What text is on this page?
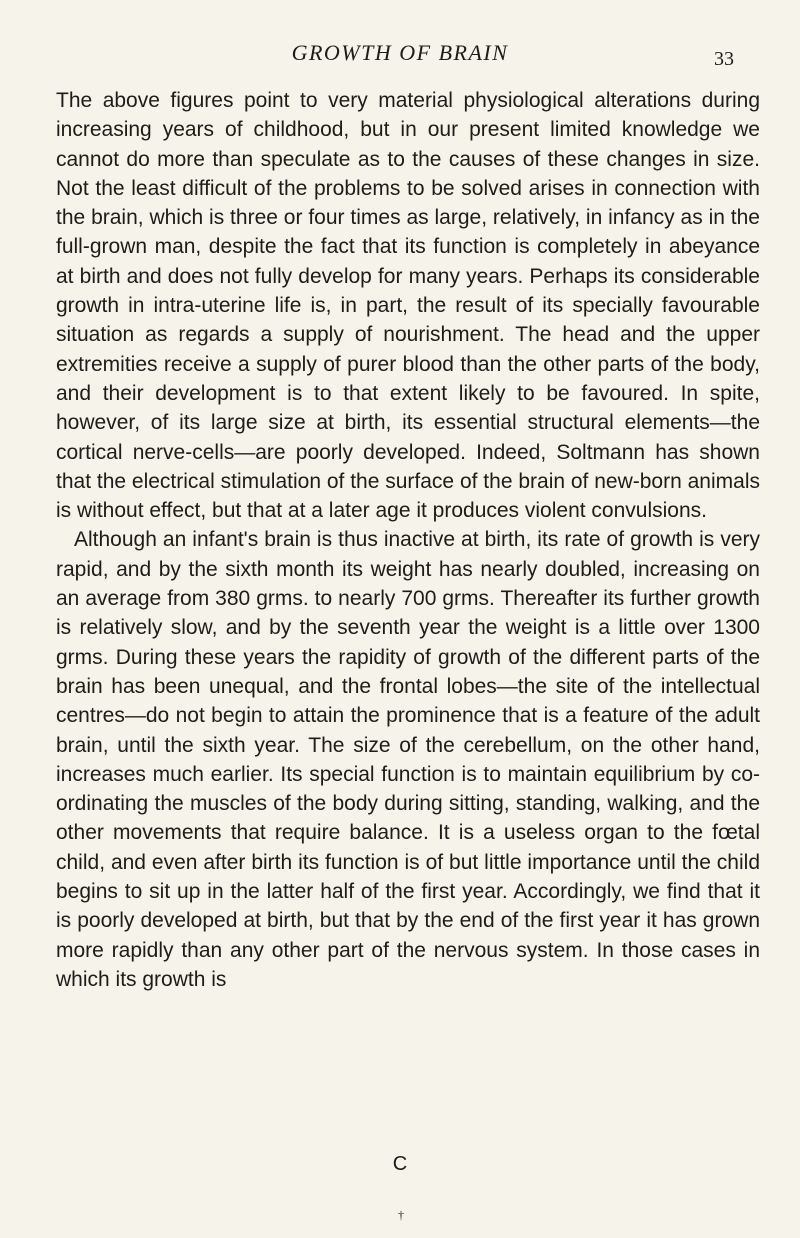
GROWTH OF BRAIN	33

The above figures point to very material physiological alterations during increasing years of childhood, but in our present limited knowledge we cannot do more than speculate as to the causes of these changes in size. Not the least difficult of the problems to be solved arises in connection with the brain, which is three or four times as large, relatively, in infancy as in the full-grown man, despite the fact that its function is completely in abeyance at birth and does not fully develop for many years. Perhaps its considerable growth in intra-uterine life is, in part, the result of its specially favourable situation as regards a supply of nourishment. The head and the upper extremities receive a supply of purer blood than the other parts of the body, and their development is to that extent likely to be favoured. In spite, however, of its large size at birth, its essential structural elements—the cortical nerve-cells—are poorly developed. Indeed, Soltmann has shown that the electrical stimulation of the surface of the brain of new-born animals is without effect, but that at a later age it produces violent convulsions.

Although an infant's brain is thus inactive at birth, its rate of growth is very rapid, and by the sixth month its weight has nearly doubled, increasing on an average from 380 grms. to nearly 700 grms. Thereafter its further growth is relatively slow, and by the seventh year the weight is a little over 1300 grms. During these years the rapidity of growth of the different parts of the brain has been unequal, and the frontal lobes—the site of the intellectual centres—do not begin to attain the prominence that is a feature of the adult brain, until the sixth year. The size of the cerebellum, on the other hand, increases much earlier. Its special function is to maintain equilibrium by co-ordinating the muscles of the body during sitting, standing, walking, and the other movements that require balance. It is a useless organ to the fœtal child, and even after birth its function is of but little importance until the child begins to sit up in the latter half of the first year. Accordingly, we find that it is poorly developed at birth, but that by the end of the first year it has grown more rapidly than any other part of the nervous system. In those cases in which its growth is

C
†
